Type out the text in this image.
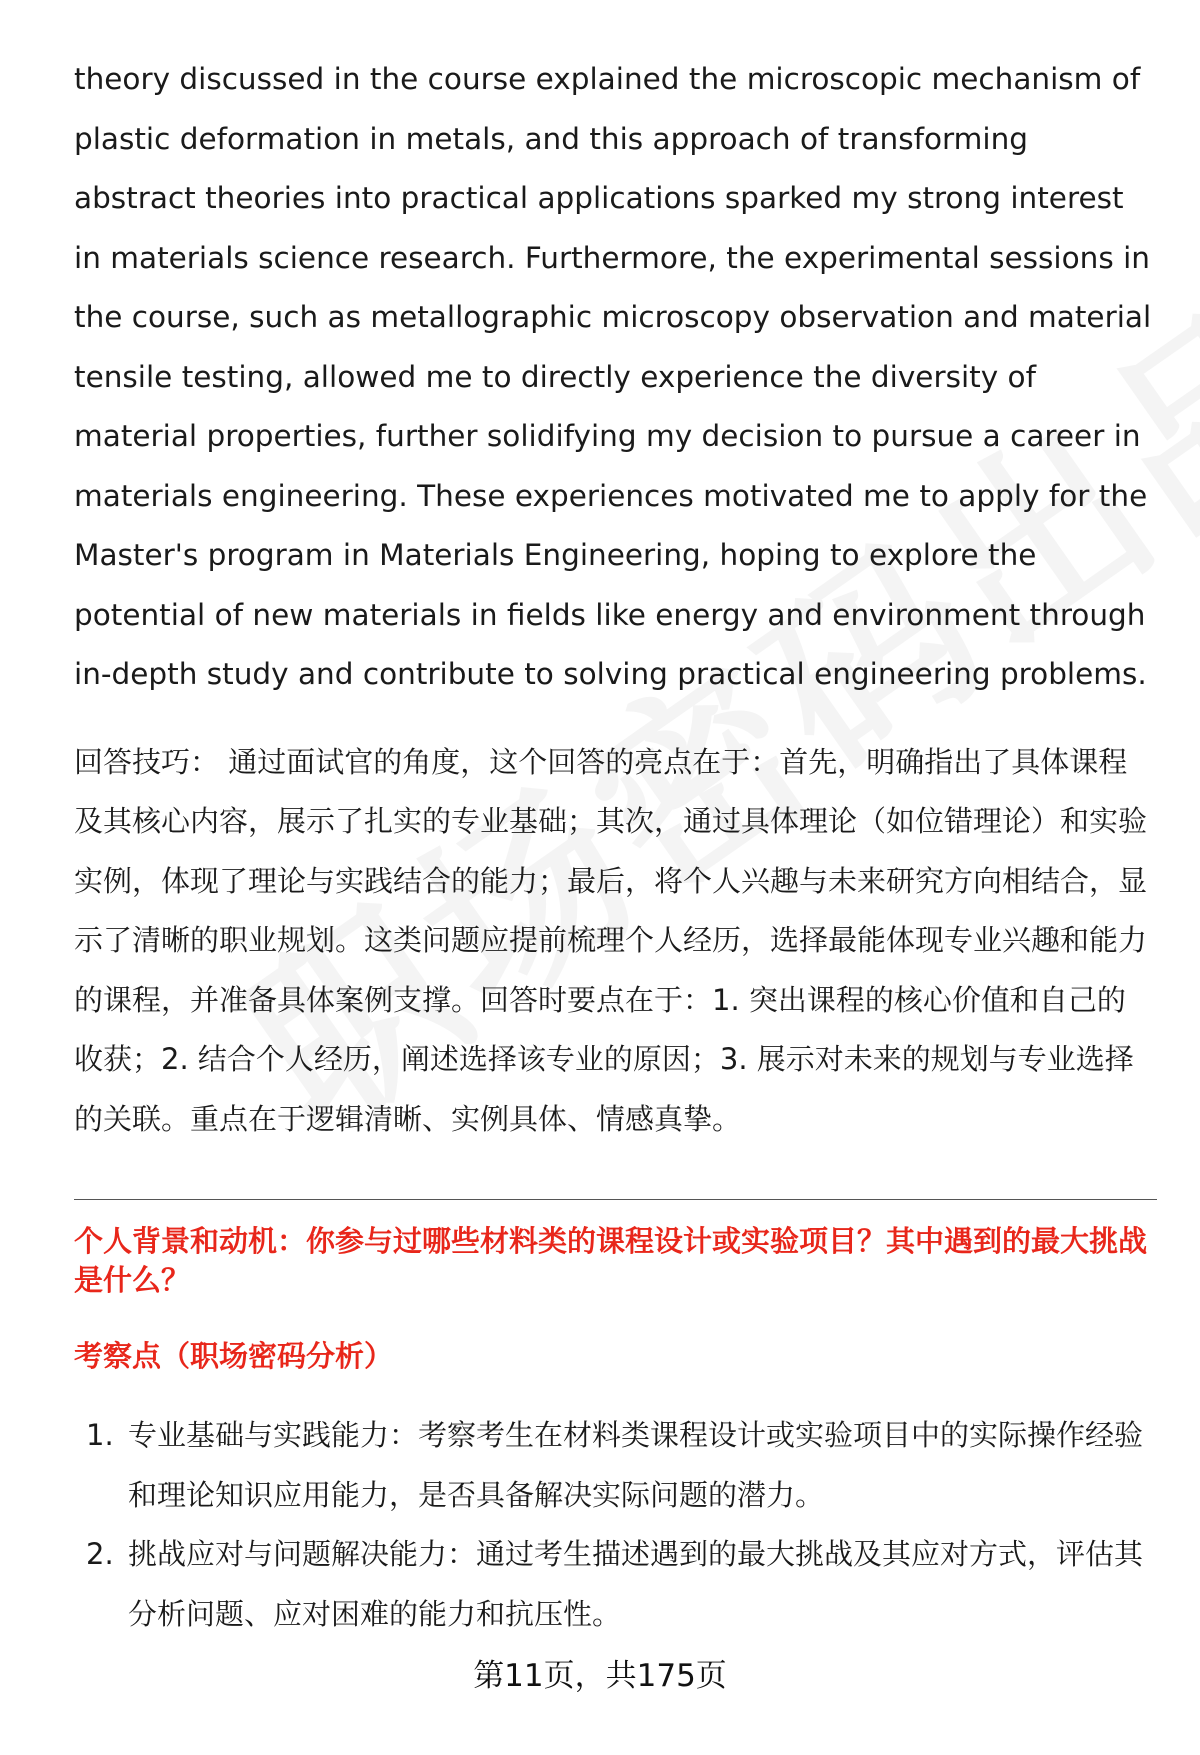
theory discussed in the course explained the microscopic mechanism of plastic deformation in metals, and this approach of transforming abstract theories into practical applications sparked my strong interest in materials science research. Furthermore, the experimental sessions in the course, such as metallographic microscopy observation and material tensile testing, allowed me to directly experience the diversity of material properties, further solidifying my decision to pursue a career in materials engineering. These experiences motivated me to apply for the Master's program in Materials Engineering, hoping to explore the potential of new materials in fields like energy and environment through in-depth study and contribute to solving practical engineering problems.

回答技巧： 通过面试官的角度，这个回答的亮点在于：首先，明确指出了具体课程及其核心内容，展示了扎实的专业基础；其次，通过具体理论（如位错理论）和实验实例，体现了理论与实践结合的能力；最后，将个人兴趣与未来研究方向相结合，显示了清晰的职业规划。这类问题应提前梳理个人经历，选择最能体现专业兴趣和能力的课程，并准备具体案例支撑。回答时要点在于：1. 突出课程的核心价值和自己的收获；2. 结合个人经历，阐述选择该专业的原因；3. 展示对未来的规划与专业选择的关联。重点在于逻辑清晰、实例具体、情感真挚。

个人背景和动机：你参与过哪些材料类的课程设计或实验项目？其中遇到的最大挑战是什么？
考察点（职场密码分析）
1. 专业基础与实践能力：考察考生在材料类课程设计或实验项目中的实际操作经验和理论知识应用能力，是否具备解决实际问题的潜力。
2. 挑战应对与问题解决能力：通过考生描述遇到的最大挑战及其应对方式，评估其分析问题、应对困难的能力和抗压性。
第11页，共175页
